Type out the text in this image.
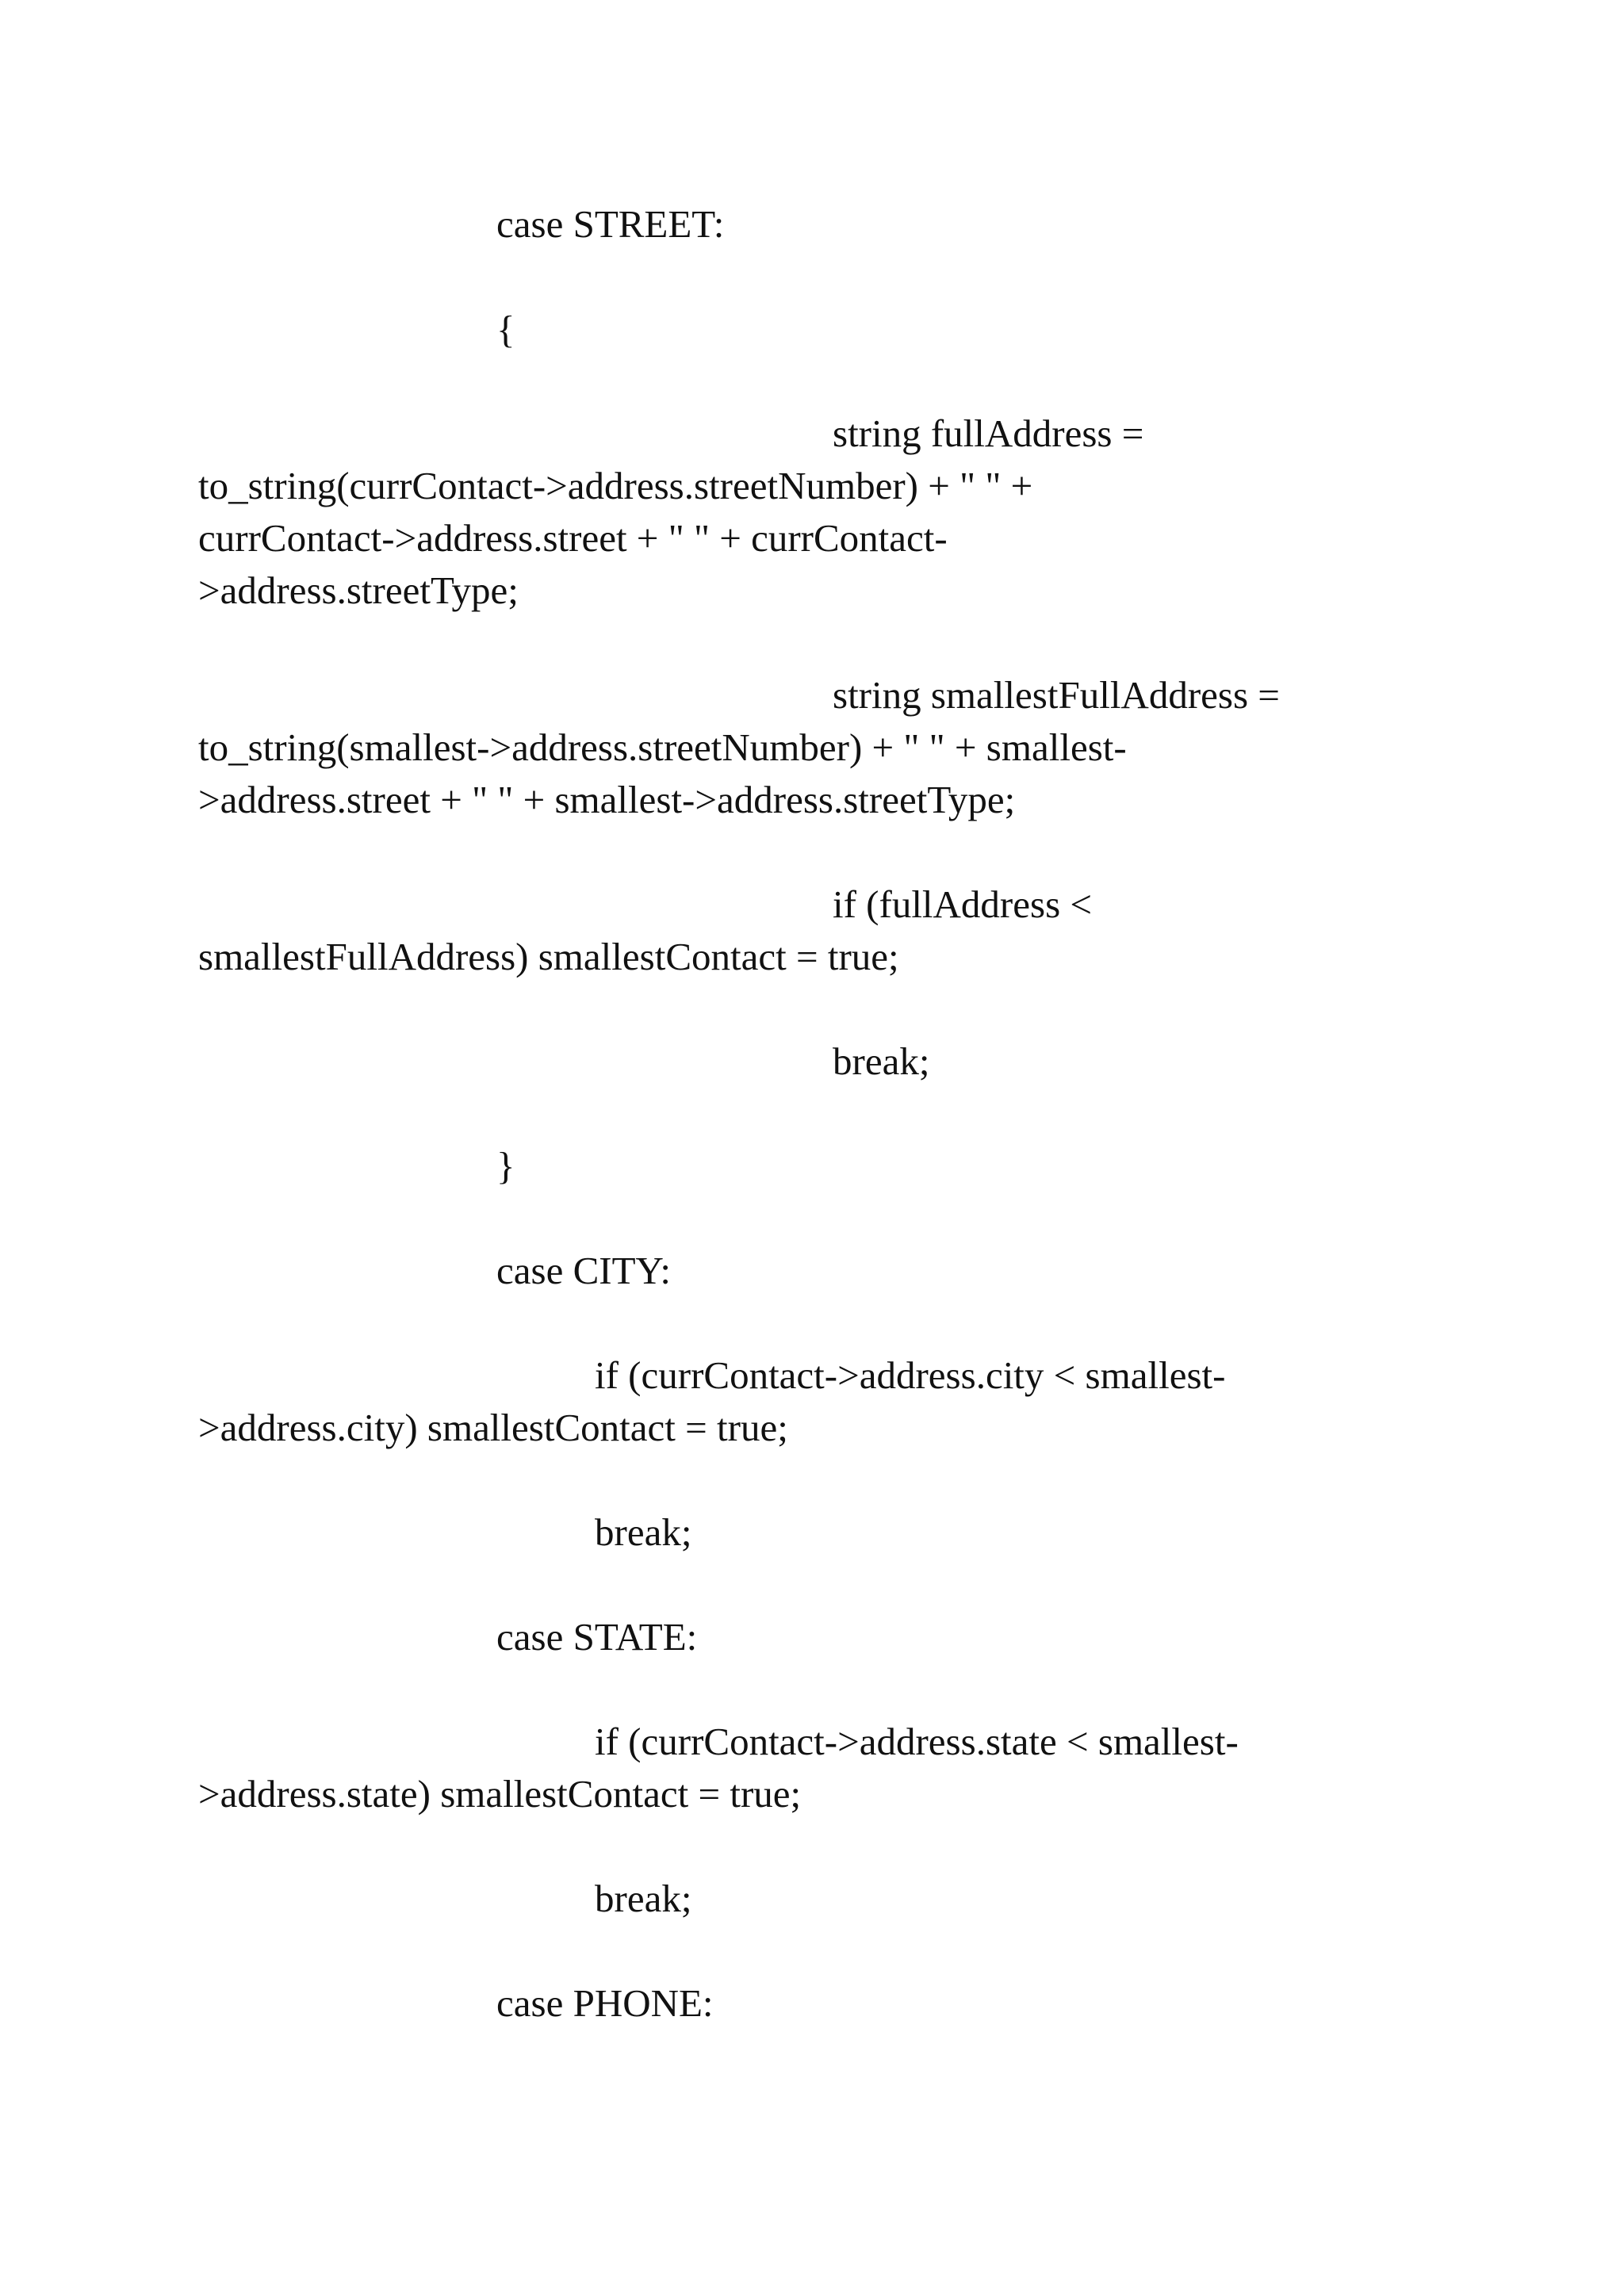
case STREET:

{

string fullAddress =

to_string(currContact->address.streetNumber) + " " +

currContact->address.street + " " + currContact-

>address.streetType;

string smallestFullAddress =

to_string(smallest->address.streetNumber) + " " + smallest-

>address.street + " " + smallest->address.streetType;

if (fullAddress <

smallestFullAddress) smallestContact = true;

break;

}

case CITY:

if (currContact->address.city < smallest-

>address.city) smallestContact = true;

break;

case STATE:

if (currContact->address.state < smallest-

>address.state) smallestContact = true;

break;

case PHONE:
